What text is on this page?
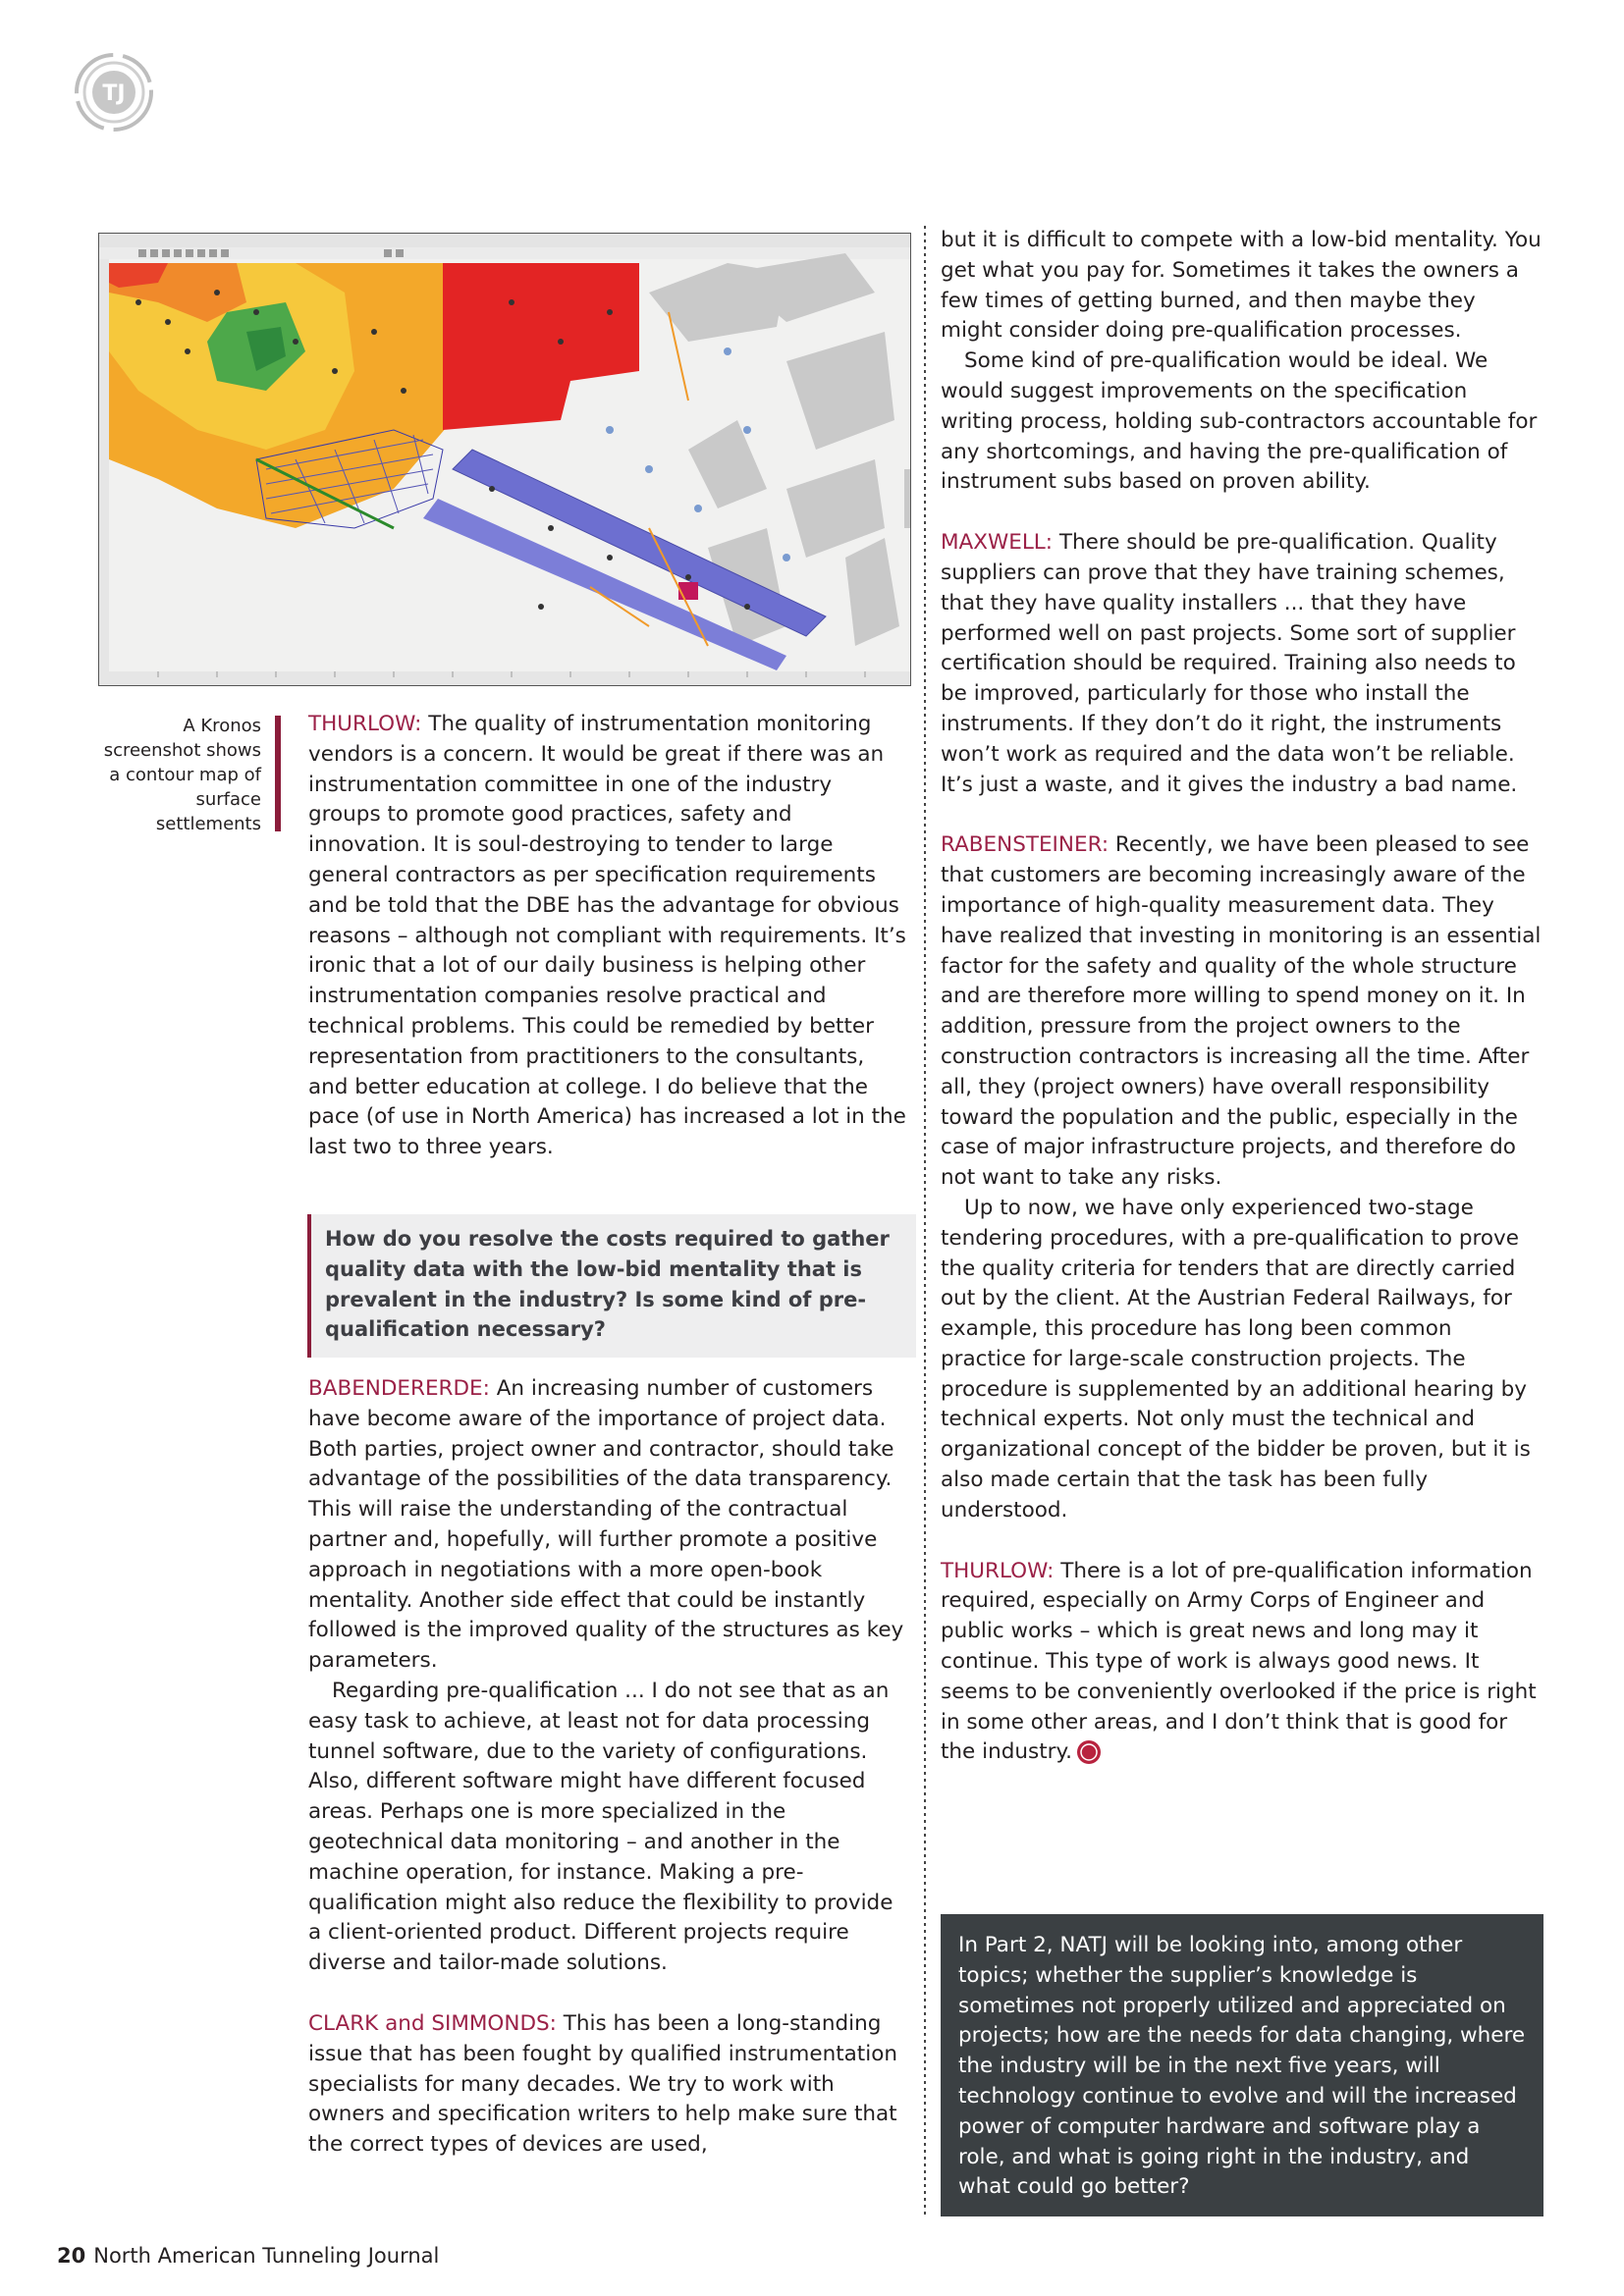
TJ
A Kronos screenshot shows a contour map of surface settlements

THURLOW: The quality of instrumentation monitoring vendors is a concern. It would be great if there was an instrumentation committee in one of the industry groups to promote good practices, safety and innovation. It is soul-destroying to tender to large general contractors as per specification requirements and be told that the DBE has the advantage for obvious reasons – although not compliant with requirements. It’s ironic that a lot of our daily business is helping other instrumentation companies resolve practical and technical problems. This could be remedied by better representation from practitioners to the consultants, and better education at college. I do believe that the pace (of use in North America) has increased a lot in the last two to three years.

How do you resolve the costs required to gather quality data with the low-bid mentality that is prevalent in the industry? Is some kind of pre-qualification necessary?

BABENDERERDE: An increasing number of customers have become aware of the importance of project data. Both parties, project owner and contractor, should take advantage of the possibilities of the data transparency. This will raise the understanding of the contractual partner and, hopefully, will further promote a positive approach in negotiations with a more open-book mentality. Another side effect that could be instantly followed is the improved quality of the structures as key parameters.

Regarding pre-qualification ... I do not see that as an easy task to achieve, at least not for data processing tunnel software, due to the variety of configurations. Also, different software might have different focused areas. Perhaps one is more specialized in the geotechnical data monitoring – and another in the machine operation, for instance. Making a pre-qualification might also reduce the flexibility to provide a client-oriented product. Different projects require diverse and tailor-made solutions.

CLARK and SIMMONDS: This has been a long-standing issue that has been fought by qualified instrumentation specialists for many decades. We try to work with owners and specification writers to help make sure that the correct types of devices are used,

but it is difficult to compete with a low-bid mentality. You get what you pay for. Sometimes it takes the owners a few times of getting burned, and then maybe they might consider doing pre-qualification processes.

Some kind of pre-qualification would be ideal. We would suggest improvements on the specification writing process, holding sub-contractors accountable for any shortcomings, and having the pre-qualification of instrument subs based on proven ability.

MAXWELL: There should be pre-qualification. Quality suppliers can prove that they have training schemes, that they have quality installers ... that they have performed well on past projects. Some sort of supplier certification should be required. Training also needs to be improved, particularly for those who install the instruments. If they don’t do it right, the instruments won’t work as required and the data won’t be reliable. It’s just a waste, and it gives the industry a bad name.

RABENSTEINER: Recently, we have been pleased to see that customers are becoming increasingly aware of the importance of high-quality measurement data. They have realized that investing in monitoring is an essential factor for the safety and quality of the whole structure and are therefore more willing to spend money on it. In addition, pressure from the project owners to the construction contractors is increasing all the time. After all, they (project owners) have overall responsibility toward the population and the public, especially in the case of major infrastructure projects, and therefore do not want to take any risks.

Up to now, we have only experienced two-stage tendering procedures, with a pre-qualification to prove the quality criteria for tenders that are directly carried out by the client. At the Austrian Federal Railways, for example, this procedure has long been common practice for large-scale construction projects. The procedure is supplemented by an additional hearing by technical experts. Not only must the technical and organizational concept of the bidder be proven, but it is also made certain that the task has been fully understood.

THURLOW: There is a lot of pre-qualification information required, especially on Army Corps of Engineer and public works – which is great news and long may it continue. This type of work is always good news. It seems to be conveniently overlooked if the price is right in some other areas, and I don’t think that is good for the industry.

In Part 2, NATJ will be looking into, among other topics; whether the supplier’s knowledge is sometimes not properly utilized and appreciated on projects; how are the needs for data changing, where the industry will be in the next five years, will technology continue to evolve and will the increased power of computer hardware and software play a role, and what is going right in the industry, and what could go better?

20 North American Tunneling Journal
